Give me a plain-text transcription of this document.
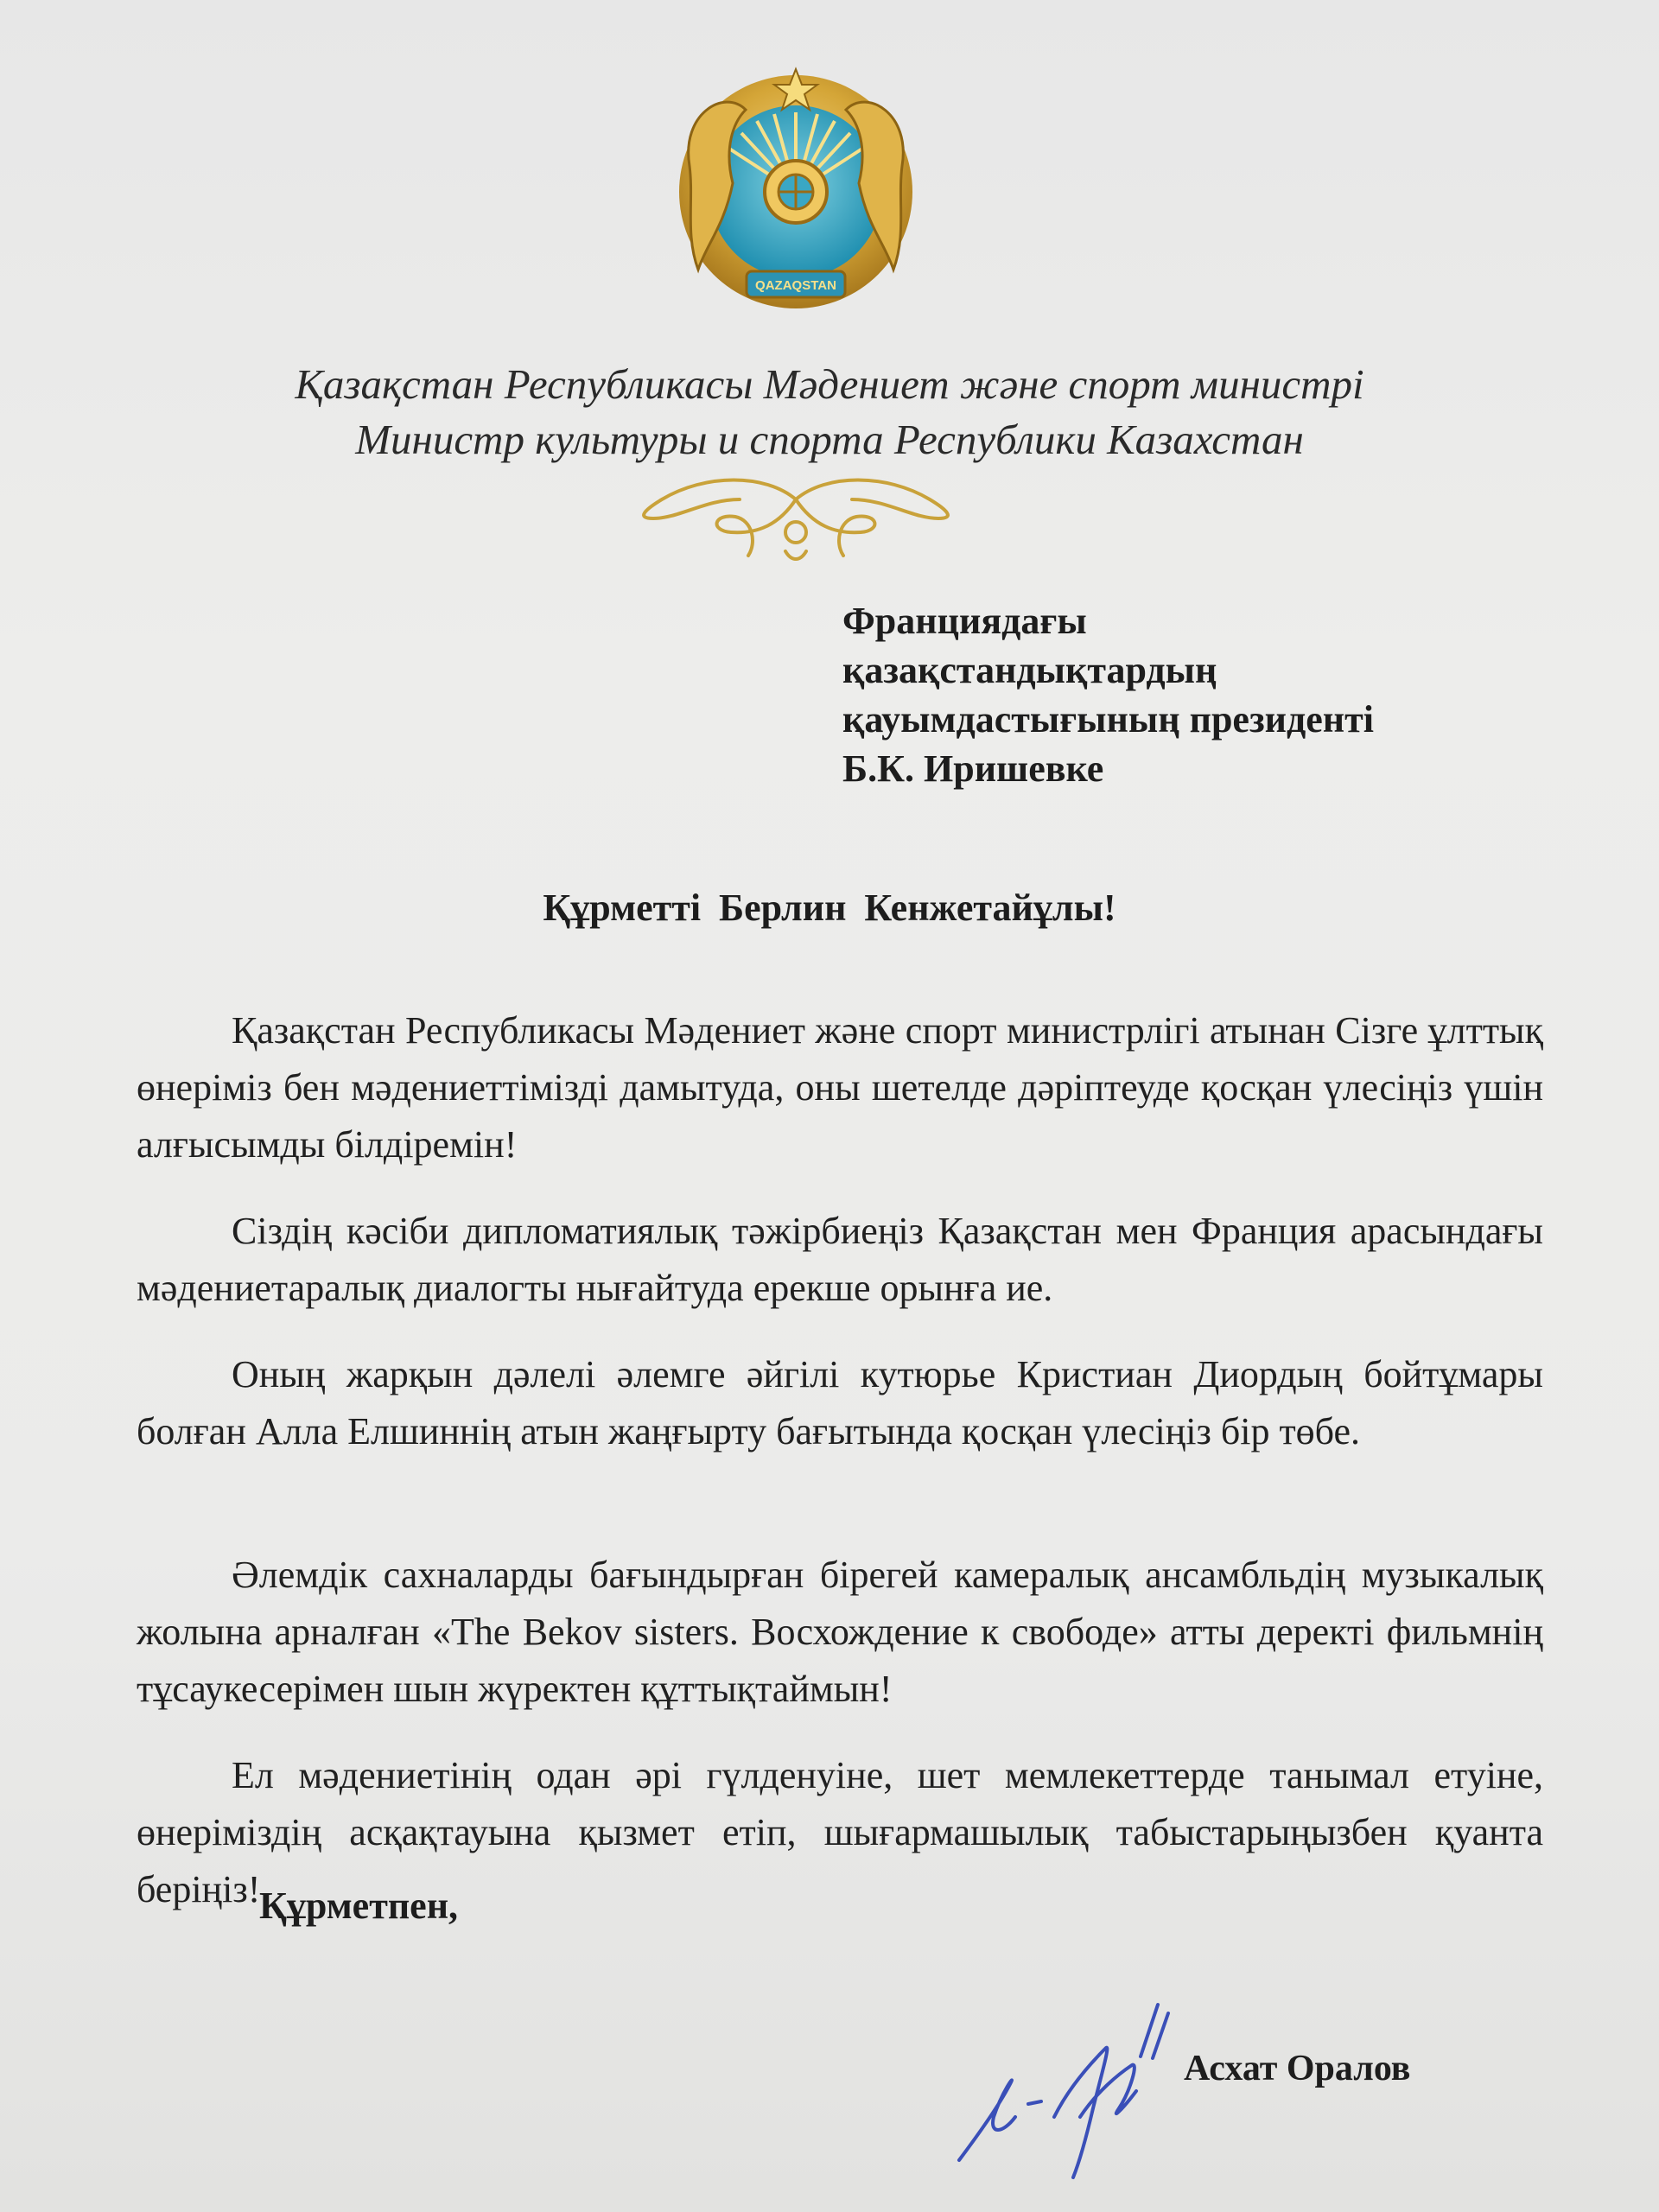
QAZAQSTAN
Қазақстан Республикасы Мәдениет және спорт министрі
Министр культуры и спорта Республики Казахстан
Франциядағы
қазақстандықтардың
қауымдастығының президенті
Б.К. Иришевке
Құрметті Берлин Кенжетайұлы!

Қазақстан Республикасы Мәдениет және спорт министрлігі атынан Сізге ұлттық өнеріміз бен мәдениеттімізді дамытуда, оны шетелде дәріптеуде қосқан үлесіңіз үшін алғысымды білдіремін!

Сіздің кәсіби дипломатиялық тәжірбиеңіз Қазақстан мен Франция арасындағы мәдениетаралық диалогты нығайтуда ерекше орынға ие.

Оның жарқын дәлелі әлемге әйгілі кутюрье Кристиан Диордың бойтұмары болған Алла Елшиннің атын жаңғырту бағытында қосқан үлесіңіз бір төбе.

Әлемдік сахналарды бағындырған бірегей камералық ансамбльдің музыкалық жолына арналған «The Bekov sisters. Восхождение к свободе» атты деректі фильмнің тұсаукесерімен шын жүректен құттықтаймын!

Ел мәдениетінің одан әрі гүлденуіне, шет мемлекеттерде танымал етуіне, өнеріміздің асқақтауына қызмет етіп, шығармашылық табыстарыңызбен қуанта беріңіз!

Құрметпен,
Асхат Оралов
